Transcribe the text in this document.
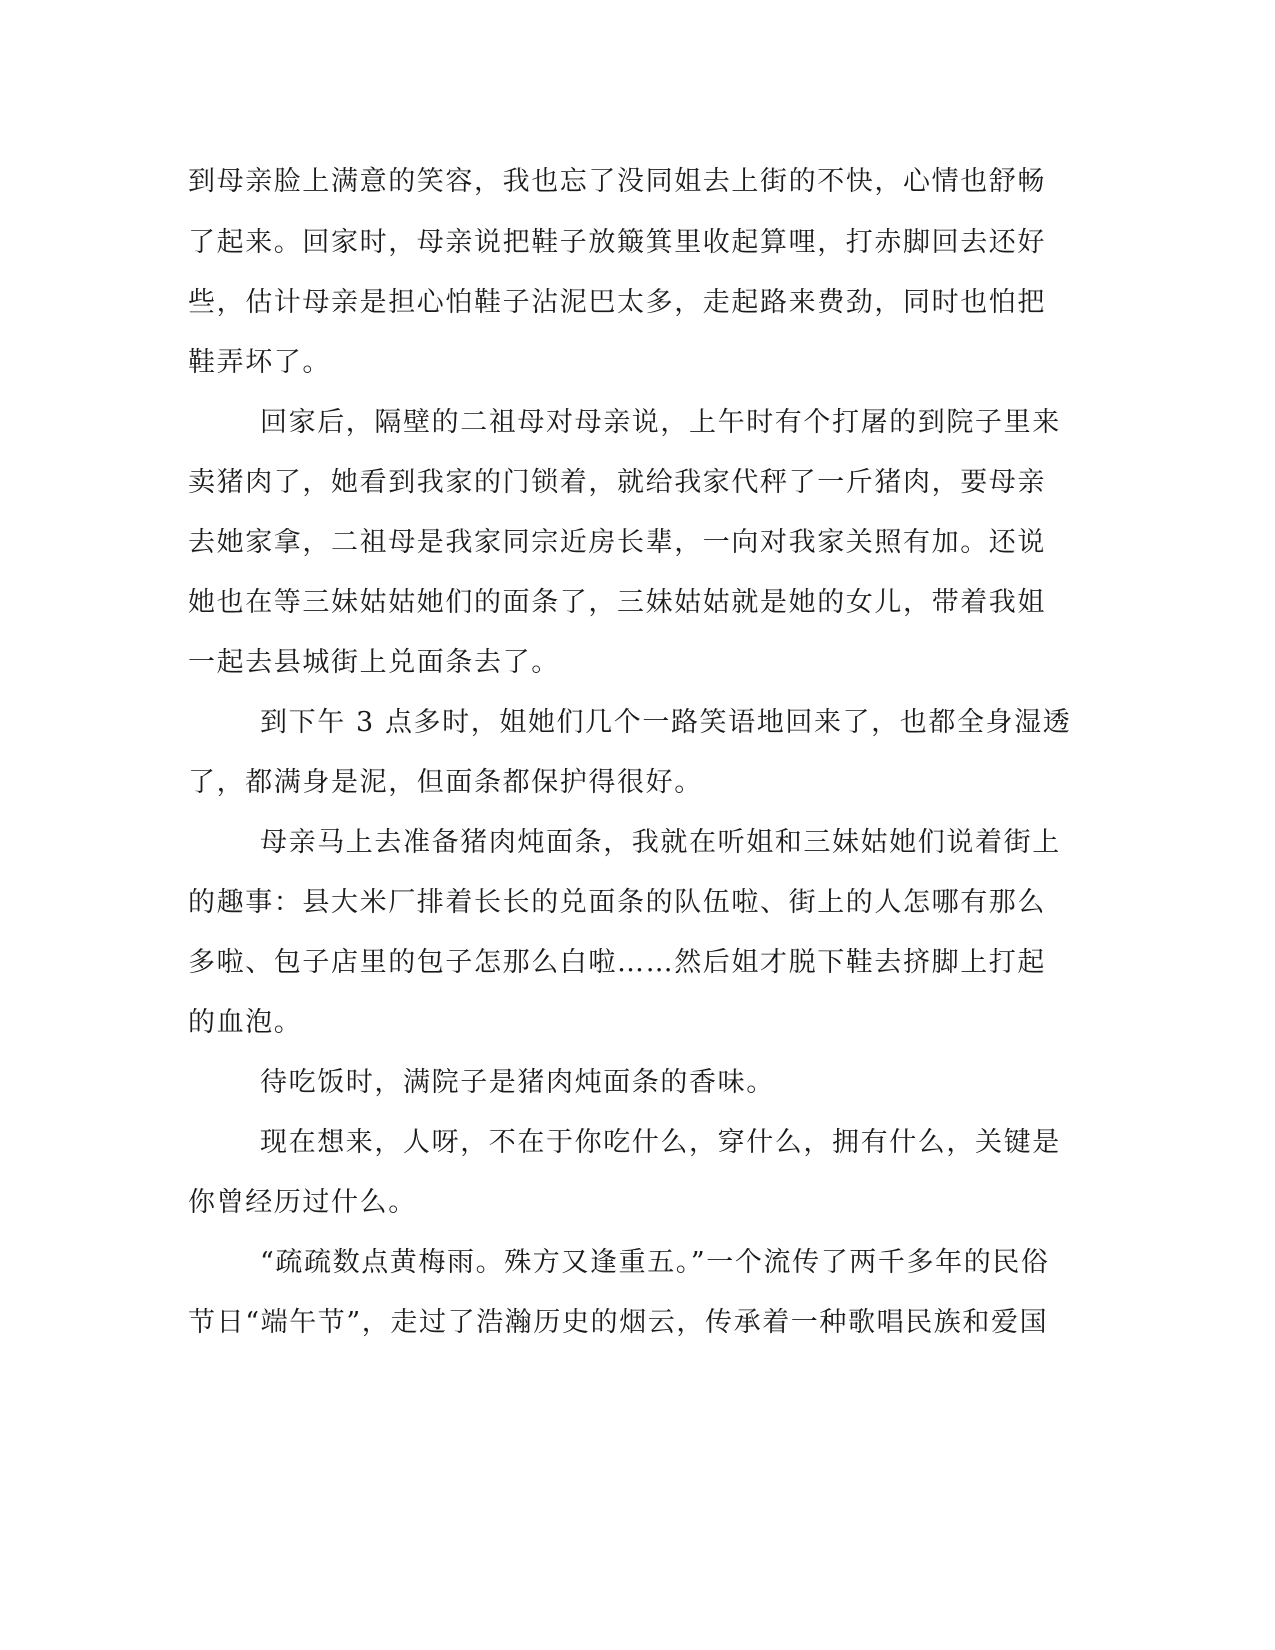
到母亲脸上满意的笑容，我也忘了没同姐去上街的不快，心情也舒畅
了起来。回家时，母亲说把鞋子放簸箕里收起算哩，打赤脚回去还好
些，估计母亲是担心怕鞋子沾泥巴太多，走起路来费劲，同时也怕把
鞋弄坏了。
回家后，隔壁的二祖母对母亲说，上午时有个打屠的到院子里来
卖猪肉了，她看到我家的门锁着，就给我家代秤了一斤猪肉，要母亲
去她家拿，二祖母是我家同宗近房长辈，一向对我家关照有加。还说
她也在等三妹姑姑她们的面条了，三妹姑姑就是她的女儿，带着我姐
一起去县城街上兑面条去了。
到下午 3 点多时，姐她们几个一路笑语地回来了，也都全身湿透
了，都满身是泥，但面条都保护得很好。
母亲马上去准备猪肉炖面条，我就在听姐和三妹姑她们说着街上
的趣事：县大米厂排着长长的兑面条的队伍啦、街上的人怎哪有那么
多啦、包子店里的包子怎那么白啦……然后姐才脱下鞋去挤脚上打起
的血泡。
待吃饭时，满院子是猪肉炖面条的香味。
现在想来，人呀，不在于你吃什么，穿什么，拥有什么，关键是
你曾经历过什么。
“疏疏数点黄梅雨。殊方又逢重五。”一个流传了两千多年的民俗
节日“端午节”，走过了浩瀚历史的烟云，传承着一种歌唱民族和爱国
